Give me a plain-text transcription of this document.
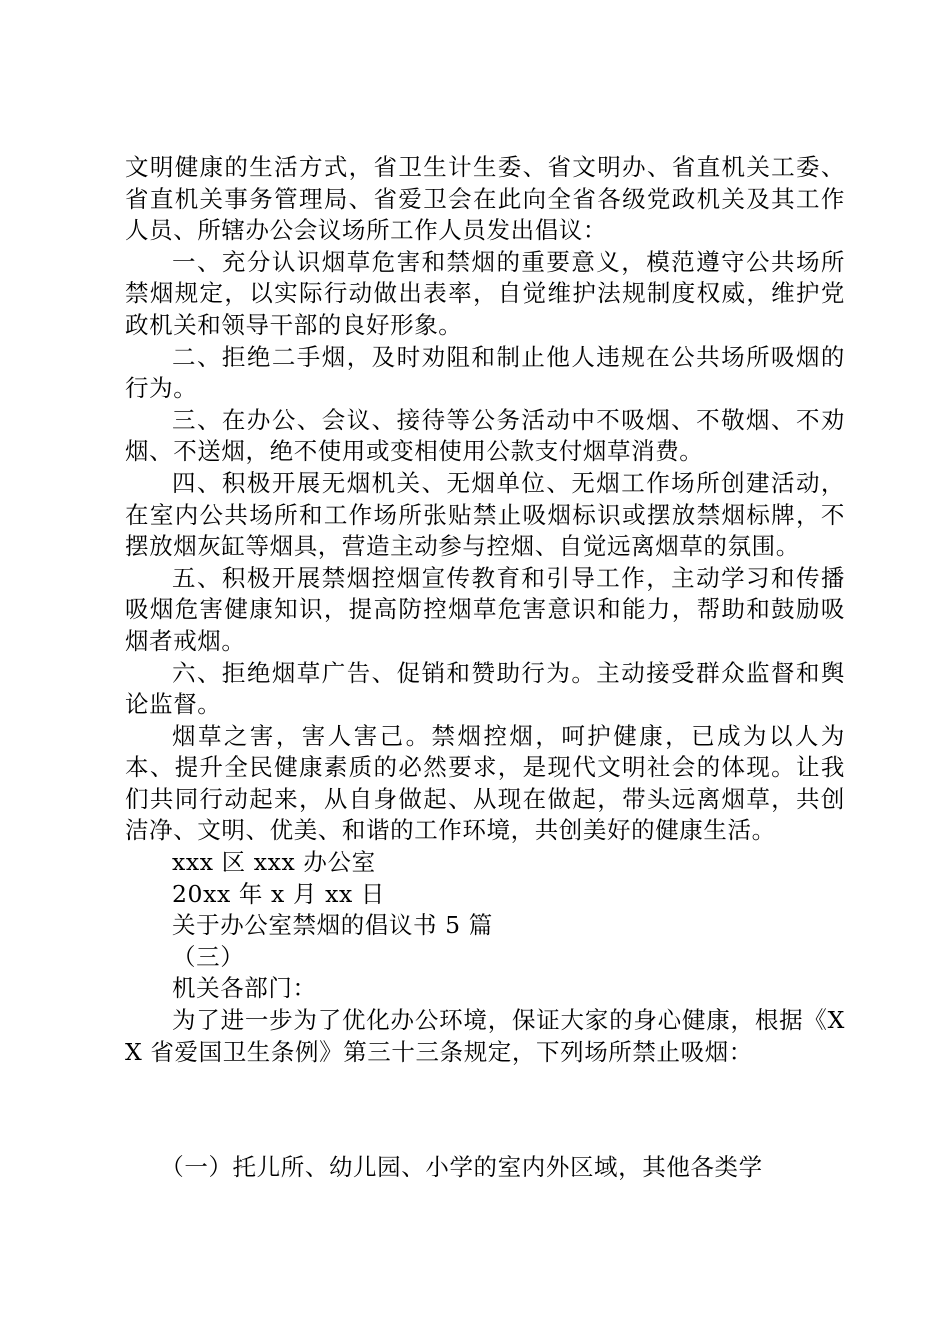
文明健康的生活方式，省卫生计生委、省文明办、省直机关工委、省直机关事务管理局、省爱卫会在此向全省各级党政机关及其工作人员、所辖办公会议场所工作人员发出倡议：

一、充分认识烟草危害和禁烟的重要意义，模范遵守公共场所禁烟规定，以实际行动做出表率，自觉维护法规制度权威，维护党政机关和领导干部的良好形象。

二、拒绝二手烟，及时劝阻和制止他人违规在公共场所吸烟的行为。

三、在办公、会议、接待等公务活动中不吸烟、不敬烟、不劝烟、不送烟，绝不使用或变相使用公款支付烟草消费。

四、积极开展无烟机关、无烟单位、无烟工作场所创建活动，在室内公共场所和工作场所张贴禁止吸烟标识或摆放禁烟标牌，不摆放烟灰缸等烟具，营造主动参与控烟、自觉远离烟草的氛围。

五、积极开展禁烟控烟宣传教育和引导工作，主动学习和传播吸烟危害健康知识，提高防控烟草危害意识和能力，帮助和鼓励吸烟者戒烟。

六、拒绝烟草广告、促销和赞助行为。主动接受群众监督和舆论监督。

烟草之害，害人害己。禁烟控烟，呵护健康，已成为以人为本、提升全民健康素质的必然要求，是现代文明社会的体现。让我们共同行动起来，从自身做起、从现在做起，带头远离烟草，共创洁净、文明、优美、和谐的工作环境，共创美好的健康生活。

xxx 区 xxx 办公室

20xx 年 x 月 xx 日

关于办公室禁烟的倡议书 5 篇

（三）

机关各部门：

为了进一步为了优化办公环境，保证大家的身心健康，根据《XX 省爱国卫生条例》第三十三条规定，下列场所禁止吸烟：

（一）托儿所、幼儿园、小学的室内外区域，其他各类学
